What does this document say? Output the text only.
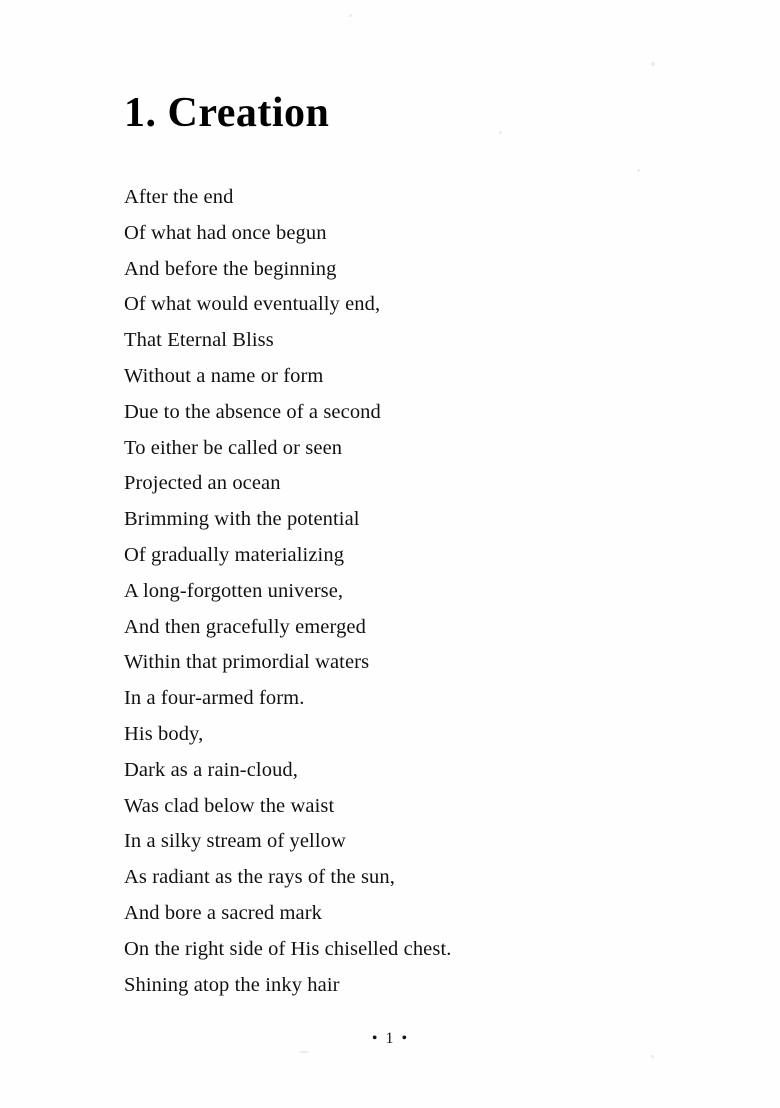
1. Creation
After the end
Of what had once begun
And before the beginning
Of what would eventually end,
That Eternal Bliss
Without a name or form
Due to the absence of a second
To either be called or seen
Projected an ocean
Brimming with the potential
Of gradually materializing
A long-forgotten universe,
And then gracefully emerged
Within that primordial waters
In a four-armed form.
His body,
Dark as a rain-cloud,
Was clad below the waist
In a silky stream of yellow
As radiant as the rays of the sun,
And bore a sacred mark
On the right side of His chiselled chest.
Shining atop the inky hair
• 1 •
